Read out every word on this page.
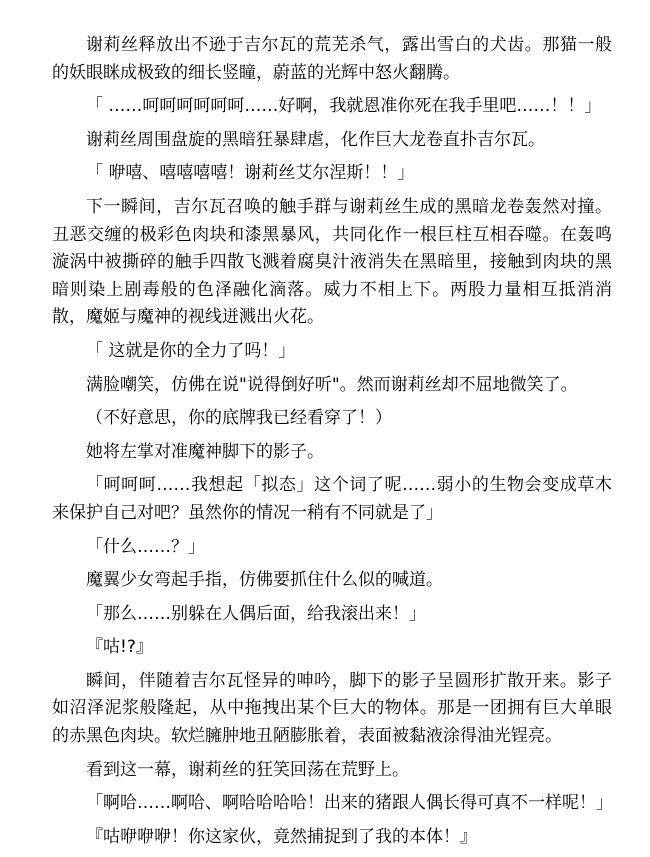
谢莉丝释放出不逊于吉尔瓦的荒芜杀气，露出雪白的犬齿。那猫一般的妖眼眯成极致的细长竖瞳，蔚蓝的光辉中怒火翻腾。

「 ……呵呵呵呵呵呵……好啊，我就恩准你死在我手里吧……！！」

谢莉丝周围盘旋的黑暗狂暴肆虐，化作巨大龙卷直扑吉尔瓦。

「 咿嘻、嘻嘻嘻嘻！谢莉丝艾尔涅斯！！」

下一瞬间，吉尔瓦召唤的触手群与谢莉丝生成的黑暗龙卷轰然对撞。丑恶交缠的极彩色肉块和漆黑暴风，共同化作一根巨柱互相吞噬。在轰鸣漩涡中被撕碎的触手四散飞溅着腐臭汁液消失在黑暗里，接触到肉块的黑暗则染上剧毒般的色泽融化滴落。威力不相上下。两股力量相互抵消消散，魔姬与魔神的视线迸溅出火花。

「 这就是你的全力了吗！」

满脸嘲笑，仿佛在说"说得倒好听"。然而谢莉丝却不屈地微笑了。

（不好意思，你的底牌我已经看穿了！）

她将左掌对准魔神脚下的影子。

「呵呵呵……我想起「拟态」这个词了呢……弱小的生物会变成草木来保护自己对吧？虽然你的情况一稍有不同就是了」

「什么……？」

魔翼少女弯起手指，仿佛要抓住什么似的喊道。

「那么……别躲在人偶后面，给我滚出来！」

『咕!?』

瞬间，伴随着吉尔瓦怪异的呻吟，脚下的影子呈圆形扩散开来。影子如沼泽泥浆般隆起，从中拖拽出某个巨大的物体。那是一团拥有巨大单眼的赤黑色肉块。软烂臃肿地丑陋膨胀着，表面被黏液涂得油光锃亮。

看到这一幕，谢莉丝的狂笑回荡在荒野上。

「啊哈……啊哈、啊哈哈哈哈！出来的猪跟人偶长得可真不一样呢！」

『咕咿咿咿！你这家伙，竟然捕捉到了我的本体！』
